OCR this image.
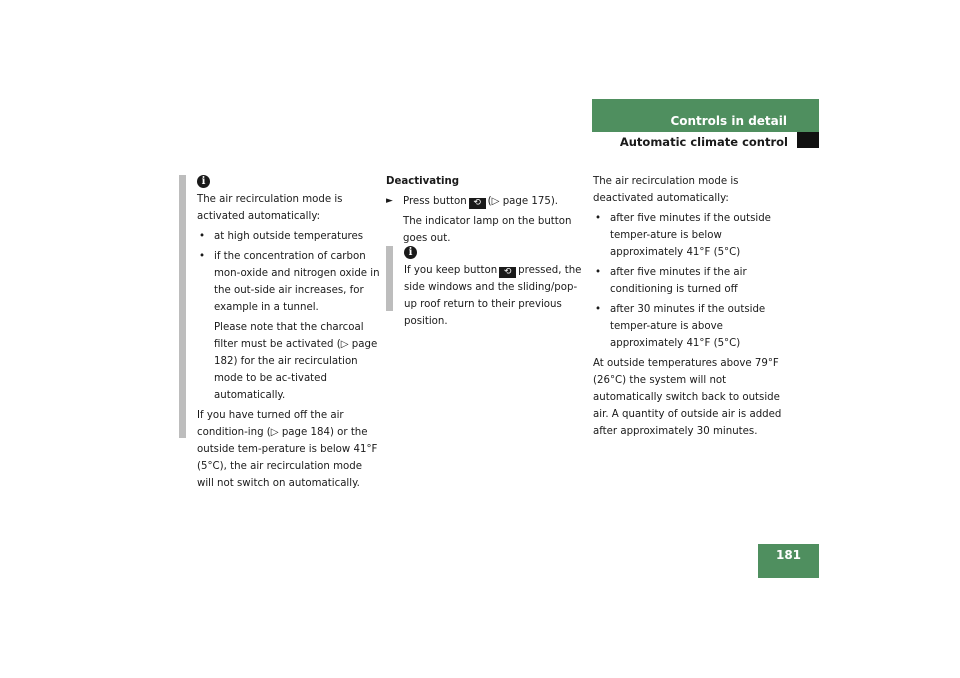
Controls in detail
Automatic climate control
i

The air recirculation mode is activated automatically:

• at high outside temperatures
• if the concentration of carbon mon-oxide and nitrogen oxide in the out-side air increases, for example in a tunnel.

Please note that the charcoal filter must be activated (▷ page 182) for the air recirculation mode to be ac-tivated automatically.

If you have turned off the air condition-ing (▷ page 184) or the outside tem-perature is below 41°F (5°C), the air recirculation mode will not switch on automatically.

Deactivating

► Press button ⟲ (▷ page 175).

The indicator lamp on the button goes out.

i

If you keep button ⟲ pressed, the side windows and the sliding/pop-up roof return to their previous position.

The air recirculation mode is deactivated automatically:

• after five minutes if the outside temper-ature is below approximately 41°F (5°C)
• after five minutes if the air conditioning is turned off
• after 30 minutes if the outside temper-ature is above approximately 41°F (5°C)

At outside temperatures above 79°F (26°C) the system will not automatically switch back to outside air. A quantity of outside air is added after approximately 30 minutes.

181
